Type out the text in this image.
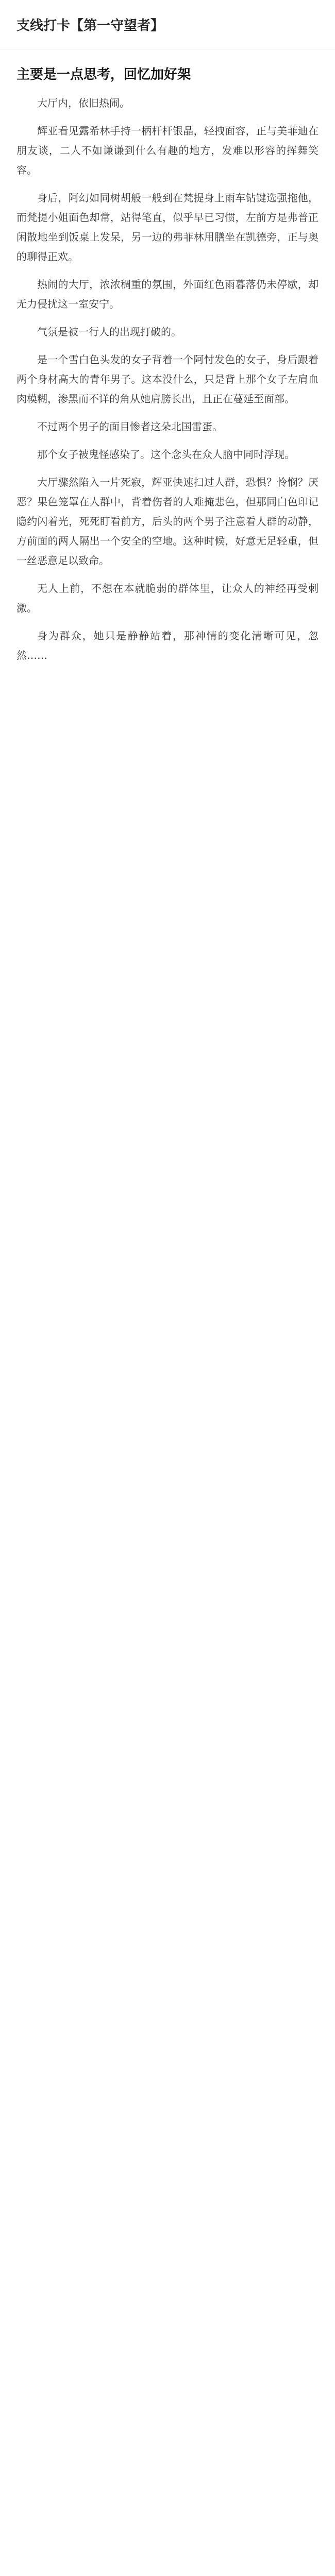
支线打卡【第一守望者】
主要是一点思考，回忆加好架

大厅内，依旧热闹。

辉亚看见露希林手持一柄杆杆银晶，轻拽面容，正与美菲迪在朋友谈，二人不如谦谦到什么有趣的地方，发难以形容的挥舞笑容。

身后，阿幻如同树胡般一般到在梵提身上雨车钻键选强拖他，而梵提小姐面色却常，站得笔直，似乎早已习惯，左前方是弗普正闲散地坐到饭桌上发呆，另一边的弗菲林用膳坐在凯德旁，正与奥的聊得正欢。

热闹的大厅，浓浓稠重的氛围，外面红色雨暮落仍未停歇，却无力侵扰这一室安宁。

气氛是被一行人的出现打破的。

是一个雪白色头发的女子背着一个阿忖发色的女子，身后跟着两个身材高大的青年男子。这本没什么，只是背上那个女子左肩血肉模糊，渗黑而不详的角从她肩膀长出，且正在蔓延至面部。

不过两个男子的面目惨者这朵北国雷蛋。

那个女子被鬼怪感染了。这个念头在众人脑中同时浮现。

大厅骤然陷入一片死寂，辉亚快速扫过人群，恐惧？怜悯？厌恶？果色笼罩在人群中，背着伤者的人难掩悲色，但那同白色印记隐约闪着光，死死盯看前方，后头的两个男子注意看人群的动静，方前面的两人隔出一个安全的空地。这种时候，好意无足轻重，但一丝恶意足以致命。

无人上前，不想在本就脆弱的群体里，让众人的神经再受刺激。

身为群众，她只是静静站着，那神情的变化清晰可见，忽然……
